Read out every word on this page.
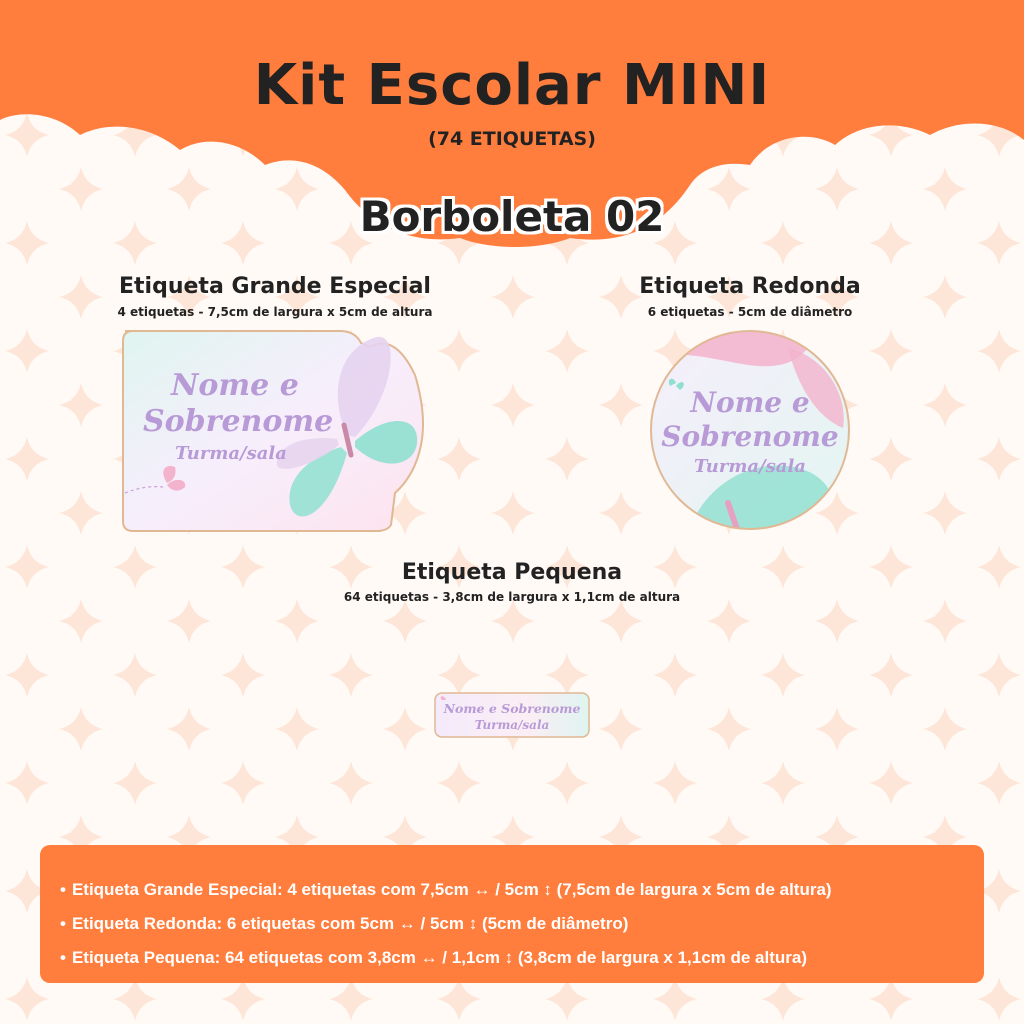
Kit Escolar MINI

(74 ETIQUETAS)

Borboleta 02
Etiqueta Grande Especial
4 etiquetas - 7,5cm de largura x 5cm de altura
Nome e
Sobrenome
Turma/sala
Etiqueta Redonda
6 etiquetas - 5cm de diâmetro
Nome e
Sobrenome
Turma/sala
Etiqueta Pequena
64 etiquetas - 3,8cm de largura x 1,1cm de altura
Nome e Sobrenome
Turma/sala
• Etiqueta Grande Especial: 4 etiquetas com 7,5cm ↔ / 5cm ↕ (7,5cm de largura x 5cm de altura)
• Etiqueta Redonda: 6 etiquetas com 5cm ↔ / 5cm ↕ (5cm de diâmetro)
• Etiqueta Pequena: 64 etiquetas com 3,8cm ↔ / 1,1cm ↕ (3,8cm de largura x 1,1cm de altura)
